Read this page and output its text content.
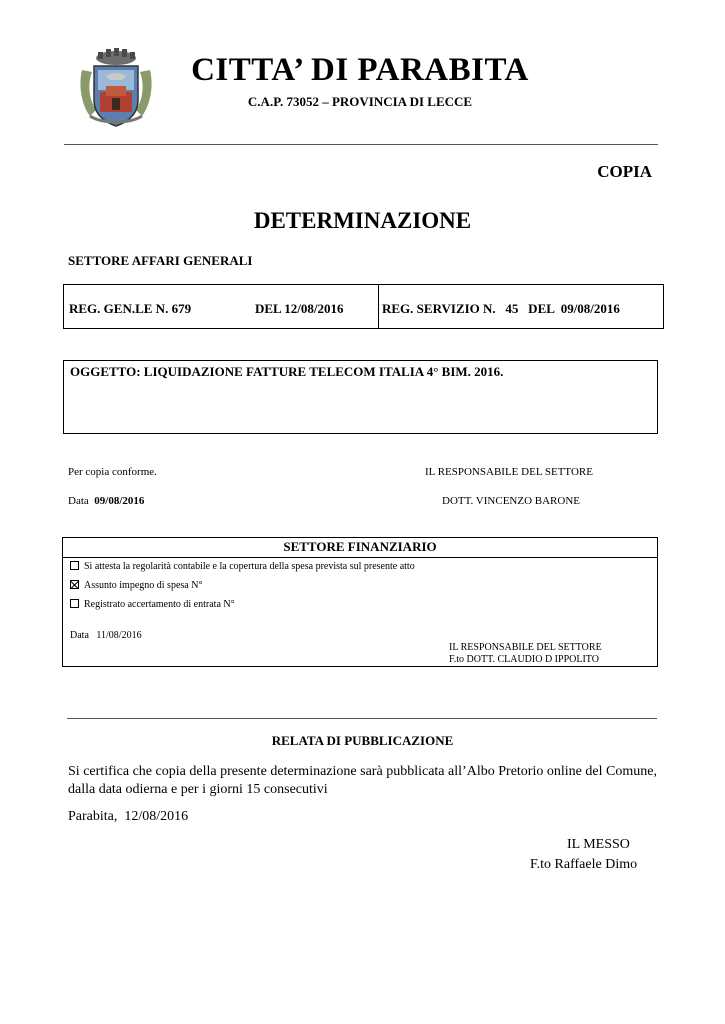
CITTA’ DI PARABITA
C.A.P. 73052 – PROVINCIA DI LECCE
COPIA
DETERMINAZIONE
SETTORE AFFARI GENERALI
REG. GEN.LE N. 679	DEL 12/08/2016	REG. SERVIZIO N.   45   DEL  09/08/2016
OGGETTO: LIQUIDAZIONE FATTURE TELECOM ITALIA 4° BIM. 2016.
Per copia conforme.	IL RESPONSABILE DEL SETTORE
Data 09/08/2016	DOTT. VINCENZO BARONE
SETTORE FINANZIARIO
Si attesta la regolarità contabile e la copertura della spesa prevista sul presente atto
Assunto impegno di spesa N°
Registrato accertamento di entrata N°
Data   11/08/2016
IL RESPONSABILE DEL SETTORE
F.to DOTT. CLAUDIO D IPPOLITO
RELATA DI PUBBLICAZIONE
Si certifica che copia della presente determinazione sarà pubblicata all’Albo Pretorio online del Comune, dalla data odierna e per i giorni 15 consecutivi
Parabita,  12/08/2016
IL MESSO
F.to Raffaele Dimo
